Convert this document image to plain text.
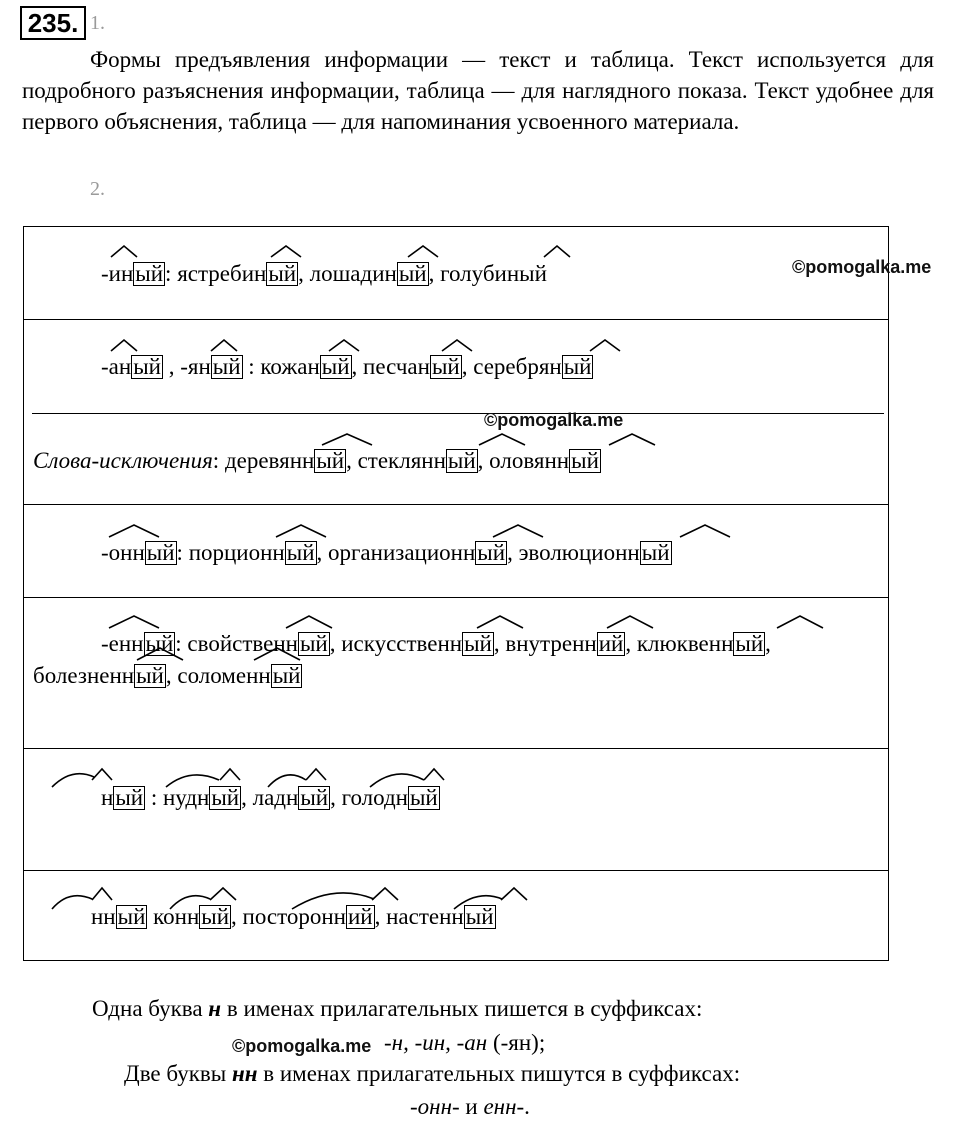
235. 1.

Формы предъявления информации — текст и таблица. Текст используется для подробного разъяснения информации, таблица — для наглядного показа. Текст удобнее для первого объяснения, таблица — для напоминания усвоенного материала.

2.
-иный: ястребиный, лошадиный, голубиный	©pomogalka.me
-аный , -яный : кожаный, песчаный, серебряный
©pomogalka.me
Слова-исключения: деревянный, стеклянный, оловянный
-онный: порционный, организационный, эволюционный
-енный: свойственный, искусственный, внутренний, клюквенный,
болезненный, соломенный
ный : нудный, ладный, голодный
нный конный, посторонний, настенный
Одна буква н в именах прилагательных пишется в суффиксах:
©pomogalka.me -н, -ин, -ан (-ян);
Две буквы нн в именах прилагательных пишутся в суффиксах:
-онн- и енн-.
